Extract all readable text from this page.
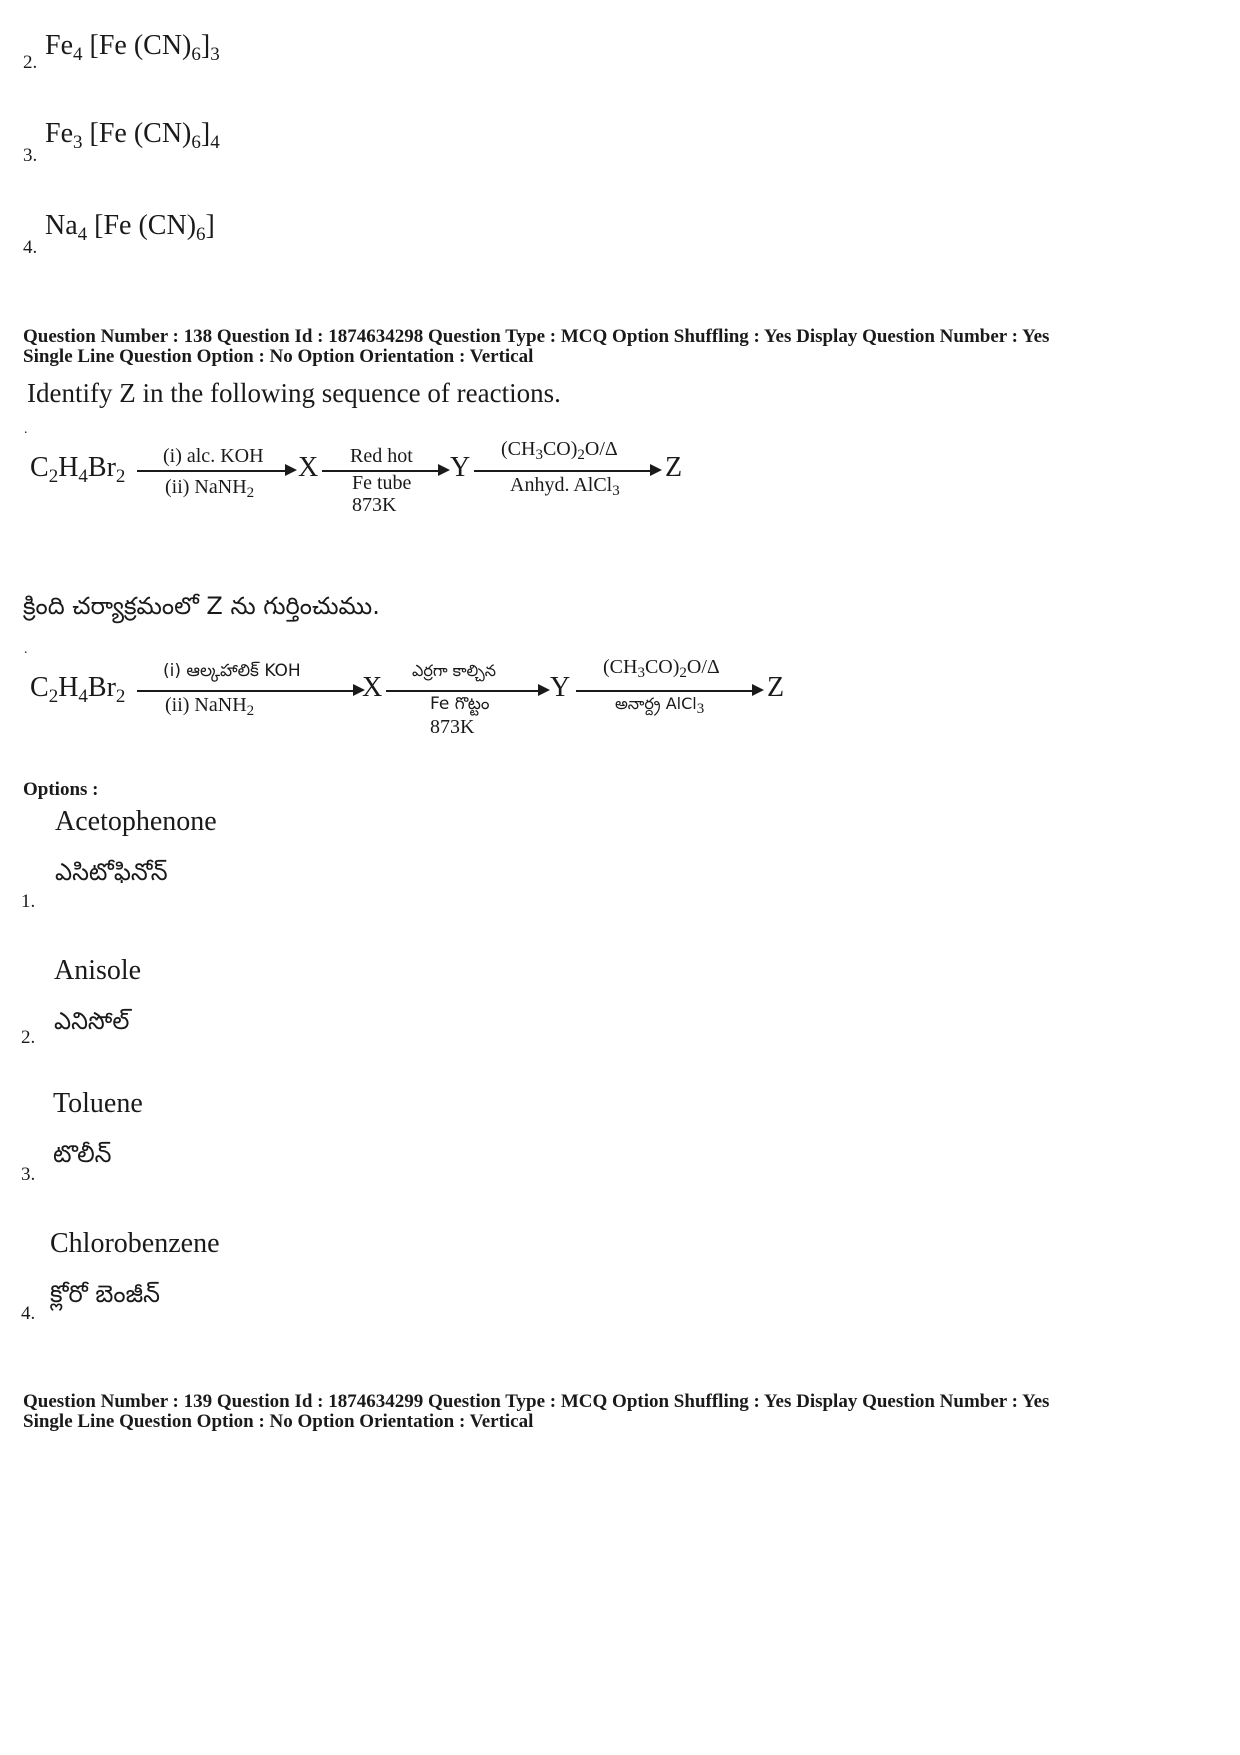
2.
$Fe_4$ [Fe $(CN)_6]_3$
3.
$Fe_3$ [Fe $(CN)_6]_4$
4.
$Na_4$ [Fe $(CN)_6$]
Question Number : 138 Question Id : 1874634298 Question Type : MCQ Option Shuffling : Yes Display Question Number : Yes
Single Line Question Option : No Option Orientation : Vertical
Identify Z in the following sequence of reactions.
.
$C_2H_4Br_2$
(i) alc. KOH
(ii) NaNH$_2$
X Red hot
Fe tube
873K
Y
$(CH_3CO)_2O/\Delta$
Anhyd. AlCl$_3$
Z
క్రింది చర్యాక్రమంలో Z ను గుర్తించుము.
.
$C_2H_4Br_2$
(i) ఆల్కహాలిక్ KOH
(ii) NaNH$_2$
X
ఎర్రగా కాల్చిన
Fe గొట్టం
873K
Y
$(CH_3CO)_2O/\Delta$
అనార్ద్ర AlCl$_3$
Z
Options :
Acetophenone
ఎసిటోఫినోన్
1.
Anisole
ఎనిసోల్
2.
Toluene
టొలీన్
3.
Chlorobenzene
క్లోరో బెంజీన్
4.
Question Number : 139 Question Id : 1874634299 Question Type : MCQ Option Shuffling : Yes Display Question Number : Yes
Single Line Question Option : No Option Orientation : Vertical
